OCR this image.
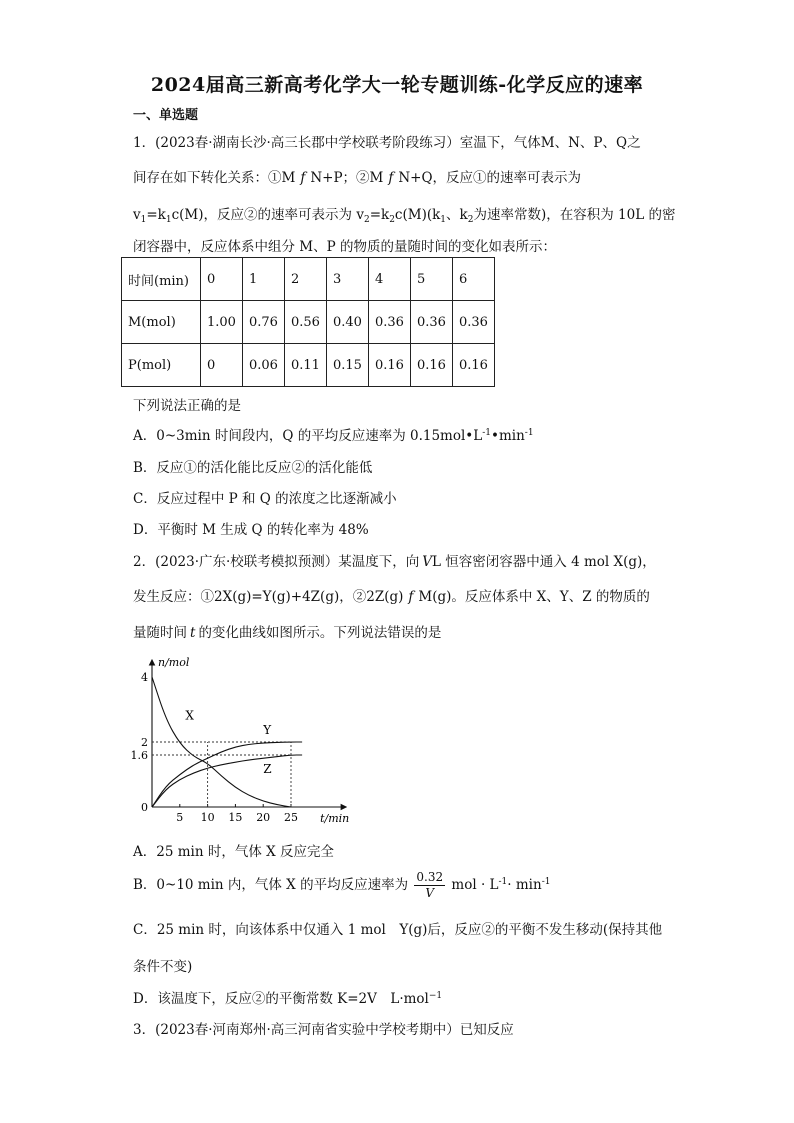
2024届高三新高考化学大一轮专题训练-化学反应的速率
一、单选题
1．(2023春·湖南长沙·高三长郡中学校联考阶段练习）室温下，气体M、N、P、Q之
间存在如下转化关系：①M f N+P；②M f N+Q，反应①的速率可表示为
$v_1=k_1c(M)$，反应②的速率可表示为 $v_2=k_2c(M)(k_1$、$k_2$为速率常数)，在容积为 10L 的密
闭容器中，反应体系中组分 M、P 的物质的量随时间的变化如表所示：
时间(min)	0	1	2	3	4	5	6
M(mol)	1.00	0.76	0.56	0.40	0.36	0.36	0.36
P(mol)	0	0.06	0.11	0.15	0.16	0.16	0.16
下列说法正确的是
A．0~3min 时间段内，Q 的平均反应速率为 $0.15mol•L^{-1}•\min^{-1}$
B．反应①的活化能比反应②的活化能低
C．反应过程中 P 和 Q 的浓度之比逐渐减小
D．平衡时 M 生成 Q 的转化率为 48%
2．(2023·广东·校联考模拟预测）某温度下，向 VL 恒容密闭容器中通入 4 mol X(g)，
发生反应：①2X(g)=Y(g)+4Z(g)，②2Z(g) f M(g)。反应体系中 X、Y、Z 的物质的
量随时间 t 的变化曲线如图所示。下列说法错误的是
n/mol
t/min
5 10 15 20 25
4
2
1.6
0
X
Y
Z
A．25 min 时，气体 X 反应完全
B．0~10 min 内，气体 X 的平均反应速率为 $\frac{0.32}{V}$ mol · $L^{-1}\cdot \min^{-1}$
C．25 min 时，向该体系中仅通入 1 mol　Y(g)后，反应②的平衡不发生移动(保持其他
条件不变)
D．该温度下，反应②的平衡常数 K=2V　L·mol$^{-1}$
3．(2023春·河南郑州·高三河南省实验中学校考期中）已知反应
